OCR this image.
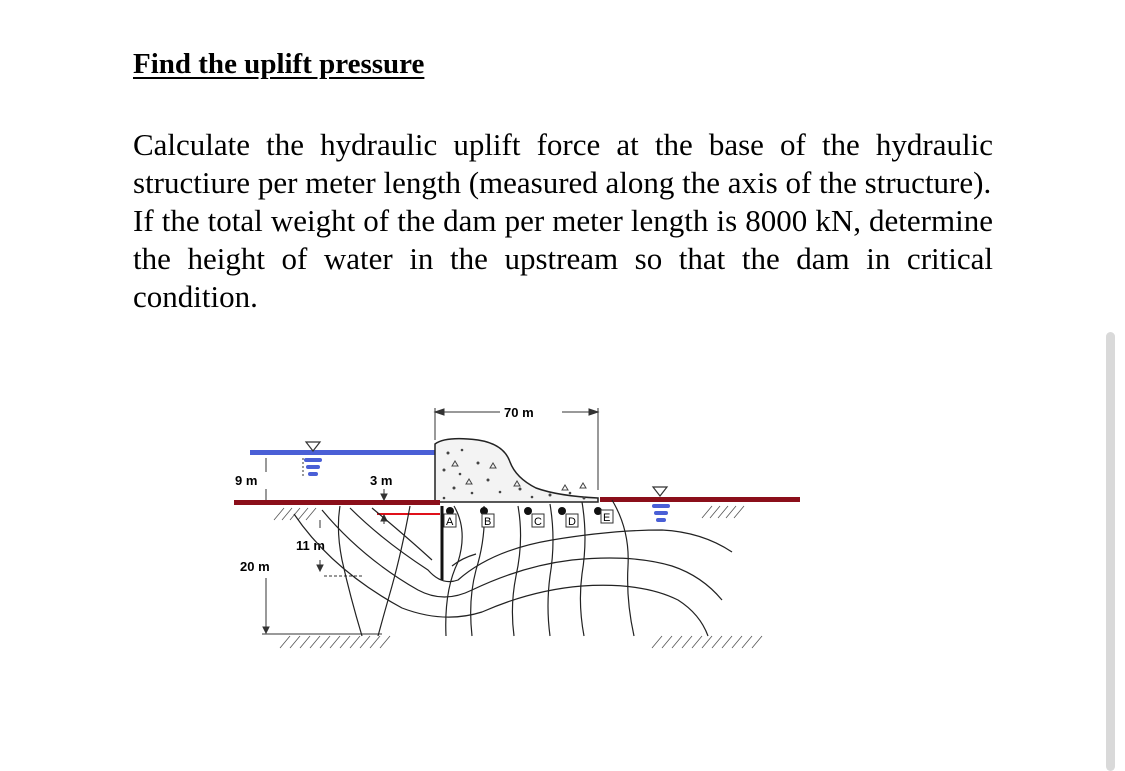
Find the uplift pressure

Calculate the hydraulic uplift force at the base of the hydraulic structiure per meter length (measured along the axis of the structure).

If the total weight of the dam per meter length is 8000 kN, determine the height of water in the upstream so that the dam in critical condition.

70 m
9 m	3 m
11 m
20 m
A	B	C D E
